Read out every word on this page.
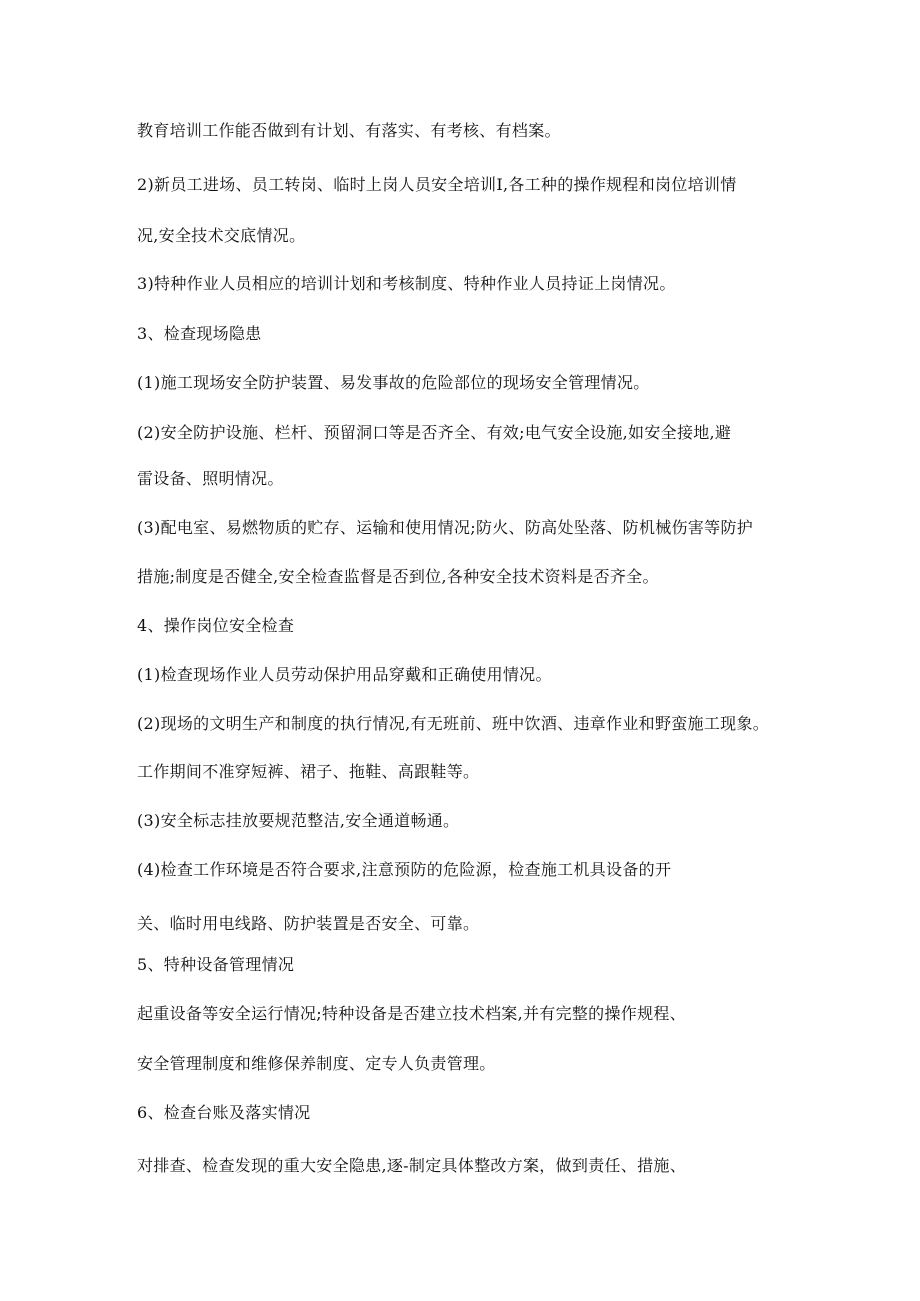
教育培训工作能否做到有计划、有落实、有考核、有档案。
2)新员工进场、员工转岗、临时上岗人员安全培训I,各工种的操作规程和岗位培训情
况,安全技术交底情况。
3)特种作业人员相应的培训计划和考核制度、特种作业人员持证上岗情况。
3、检查现场隐患
(1)施工现场安全防护装置、易发事故的危险部位的现场安全管理情况。
(2)安全防护设施、栏杆、预留洞口等是否齐全、有效;电气安全设施,如安全接地,避
雷设备、照明情况。
(3)配电室、易燃物质的贮存、运输和使用情况;防火、防高处坠落、防机械伤害等防护
措施;制度是否健全,安全检查监督是否到位,各种安全技术资料是否齐全。
4、操作岗位安全检查
(1)检查现场作业人员劳动保护用品穿戴和正确使用情况。
(2)现场的文明生产和制度的执行情况,有无班前、班中饮酒、违章作业和野蛮施工现象。
工作期间不准穿短裤、裙子、拖鞋、高跟鞋等。
(3)安全标志挂放要规范整洁,安全通道畅通。
(4)检查工作环境是否符合要求,注意预防的危险源，检查施工机具设备的开
关、临时用电线路、防护装置是否安全、可靠。
5、特种设备管理情况
起重设备等安全运行情况;特种设备是否建立技术档案,并有完整的操作规程、
安全管理制度和维修保养制度、定专人负责管理。
6、检查台账及落实情况
对排查、检查发现的重大安全隐患,逐-制定具体整改方案，做到责任、措施、
